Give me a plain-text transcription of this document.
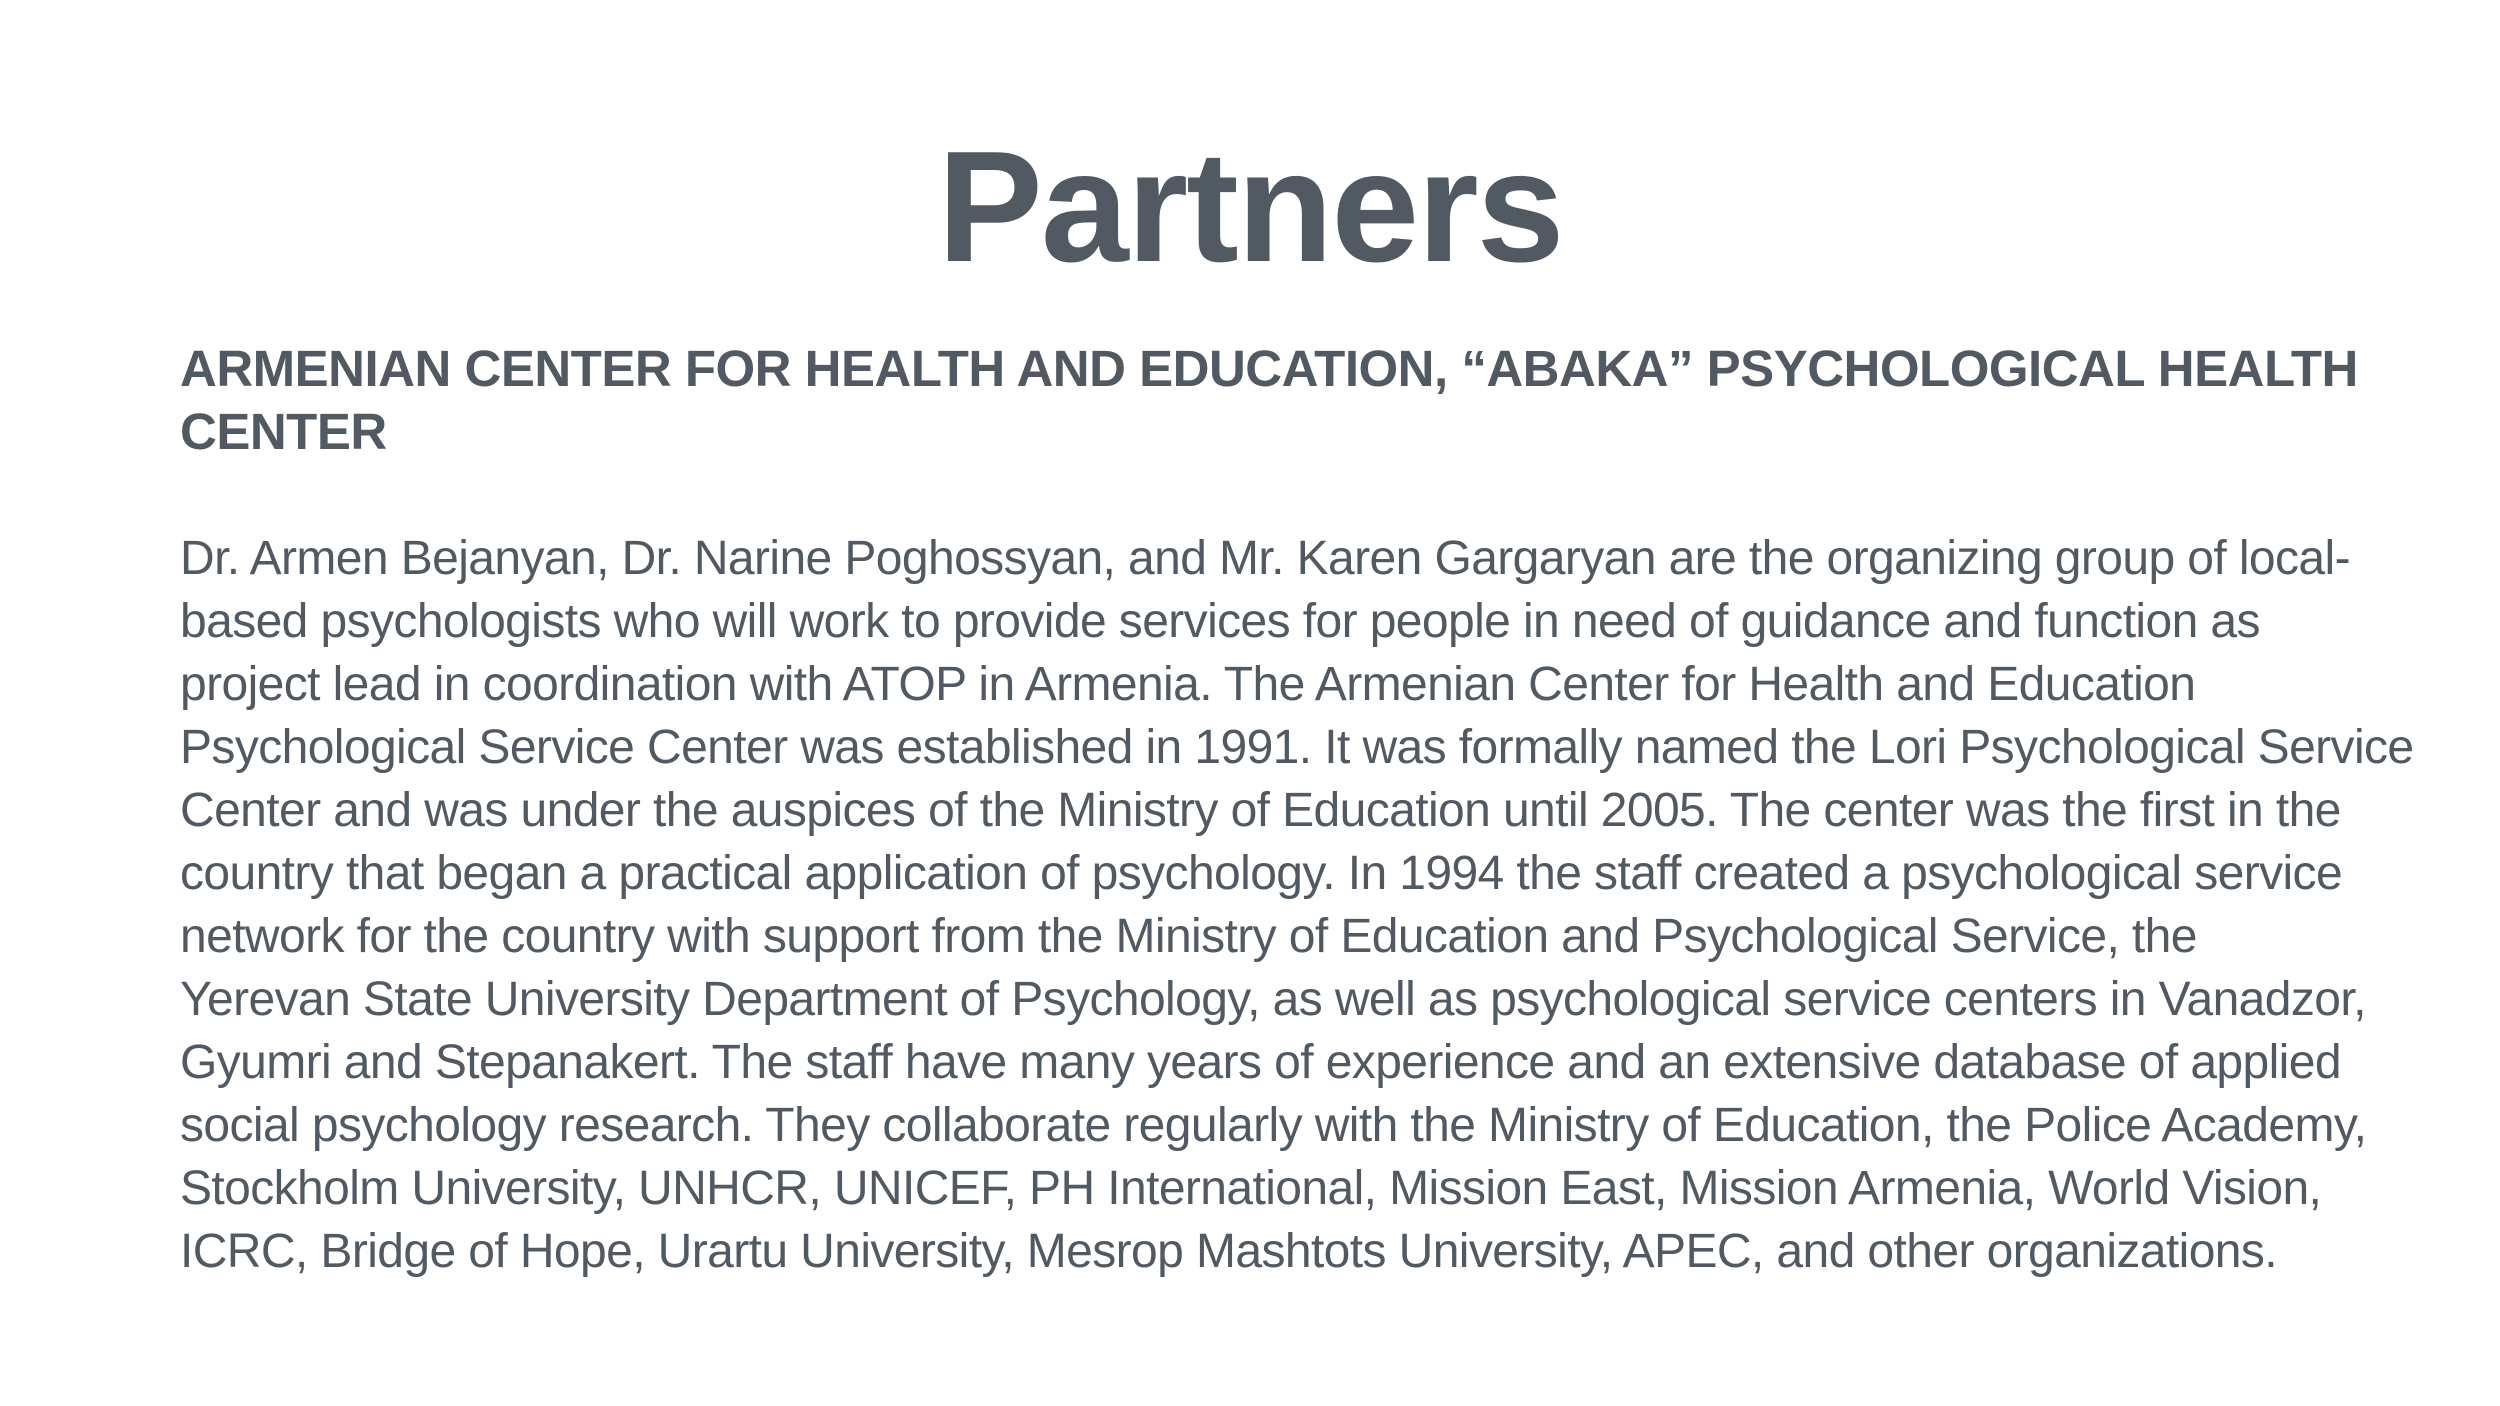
Partners
ARMENIAN CENTER FOR HEALTH AND EDUCATION, “ABAKA” PSYCHOLOGICAL HEALTH CENTER

Dr. Armen Bejanyan, Dr. Narine Poghossyan, and Mr. Karen Gargaryan are the organizing group of local-
based psychologists who will work to provide services for people in need of guidance and function as
project lead in coordination with ATOP in Armenia. The Armenian Center for Health and Education
Psychological Service Center was established in 1991. It was formally named the Lori Psychological Service
Center and was under the auspices of the Ministry of Education until 2005. The center was the first in the
country that began a practical application of psychology. In 1994 the staff created a psychological service
network for the country with support from the Ministry of Education and Psychological Service, the
Yerevan State University Department of Psychology, as well as psychological service centers in Vanadzor,
Gyumri and Stepanakert. The staff have many years of experience and an extensive database of applied
social psychology research. They collaborate regularly with the Ministry of Education, the Police Academy,
Stockholm University, UNHCR, UNICEF, PH International, Mission East, Mission Armenia, World Vision,
ICRC, Bridge of Hope, Urartu University, Mesrop Mashtots University, APEC, and other organizations.
